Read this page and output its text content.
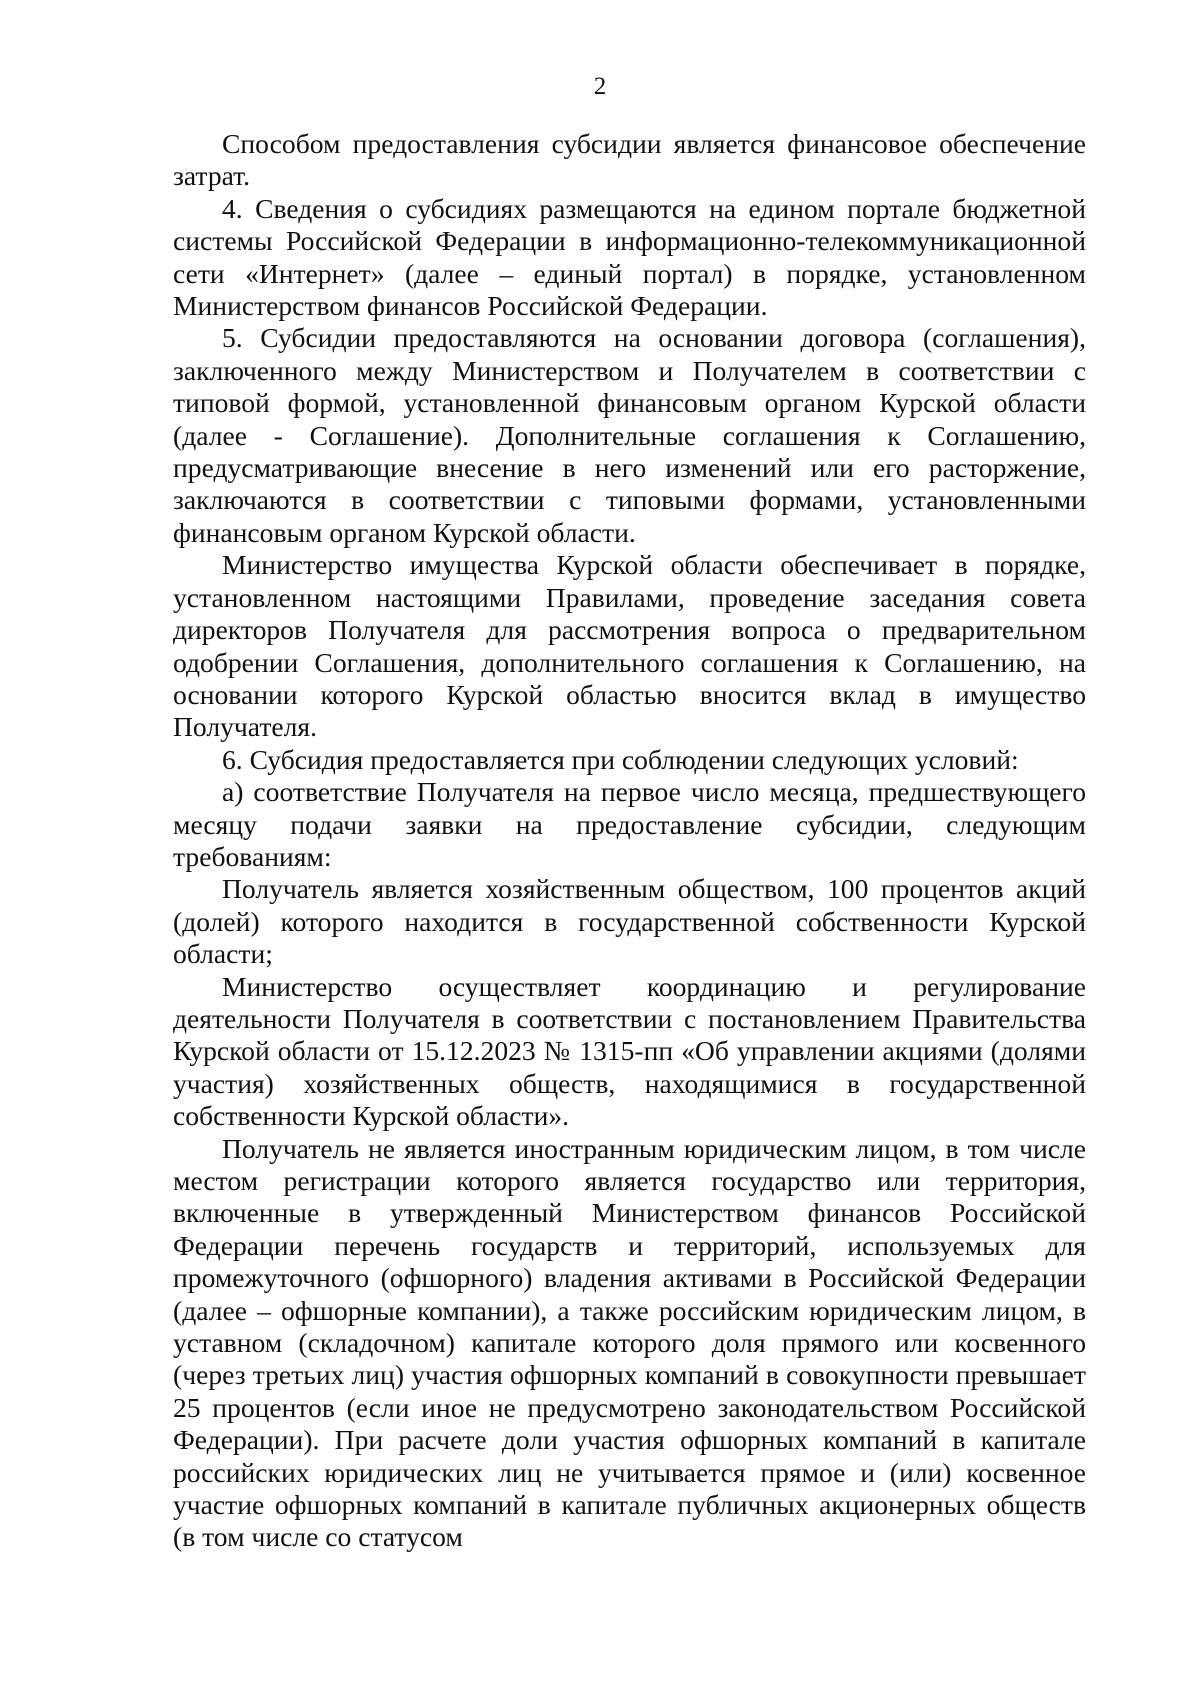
2

Способом предоставления субсидии является финансовое обеспечение затрат.

4. Сведения о субсидиях размещаются на едином портале бюджетной системы Российской Федерации в информационно-телекоммуникационной сети «Интернет» (далее – единый портал) в порядке, установленном Министерством финансов Российской Федерации.

5. Субсидии предоставляются на основании договора (соглашения), заключенного между Министерством и Получателем в соответствии с типовой формой, установленной финансовым органом Курской области (далее - Соглашение). Дополнительные соглашения к Соглашению, предусматривающие внесение в него изменений или его расторжение, заключаются в соответствии с типовыми формами, установленными финансовым органом Курской области.

Министерство имущества Курской области обеспечивает в порядке, установленном настоящими Правилами, проведение заседания совета директоров Получателя для рассмотрения вопроса о предварительном одобрении Соглашения, дополнительного соглашения к Соглашению, на основании которого Курской областью вносится вклад в имущество Получателя.

6. Субсидия предоставляется при соблюдении следующих условий:

а) соответствие Получателя на первое число месяца, предшествующего месяцу подачи заявки на предоставление субсидии, следующим требованиям:

Получатель является хозяйственным обществом, 100 процентов акций (долей) которого находится в государственной собственности Курской области;

Министерство осуществляет координацию и регулирование деятельности Получателя в соответствии с постановлением Правительства Курской области от 15.12.2023 № 1315-пп «Об управлении акциями (долями участия) хозяйственных обществ, находящимися в государственной собственности Курской области».

Получатель не является иностранным юридическим лицом, в том числе местом регистрации которого является государство или территория, включенные в утвержденный Министерством финансов Российской Федерации перечень государств и территорий, используемых для промежуточного (офшорного) владения активами в Российской Федерации (далее – офшорные компании), а также российским юридическим лицом, в уставном (складочном) капитале которого доля прямого или косвенного (через третьих лиц) участия офшорных компаний в совокупности превышает 25 процентов (если иное не предусмотрено законодательством Российской Федерации). При расчете доли участия офшорных компаний в капитале российских юридических лиц не учитывается прямое и (или) косвенное участие офшорных компаний в капитале публичных акционерных обществ (в том числе со статусом
